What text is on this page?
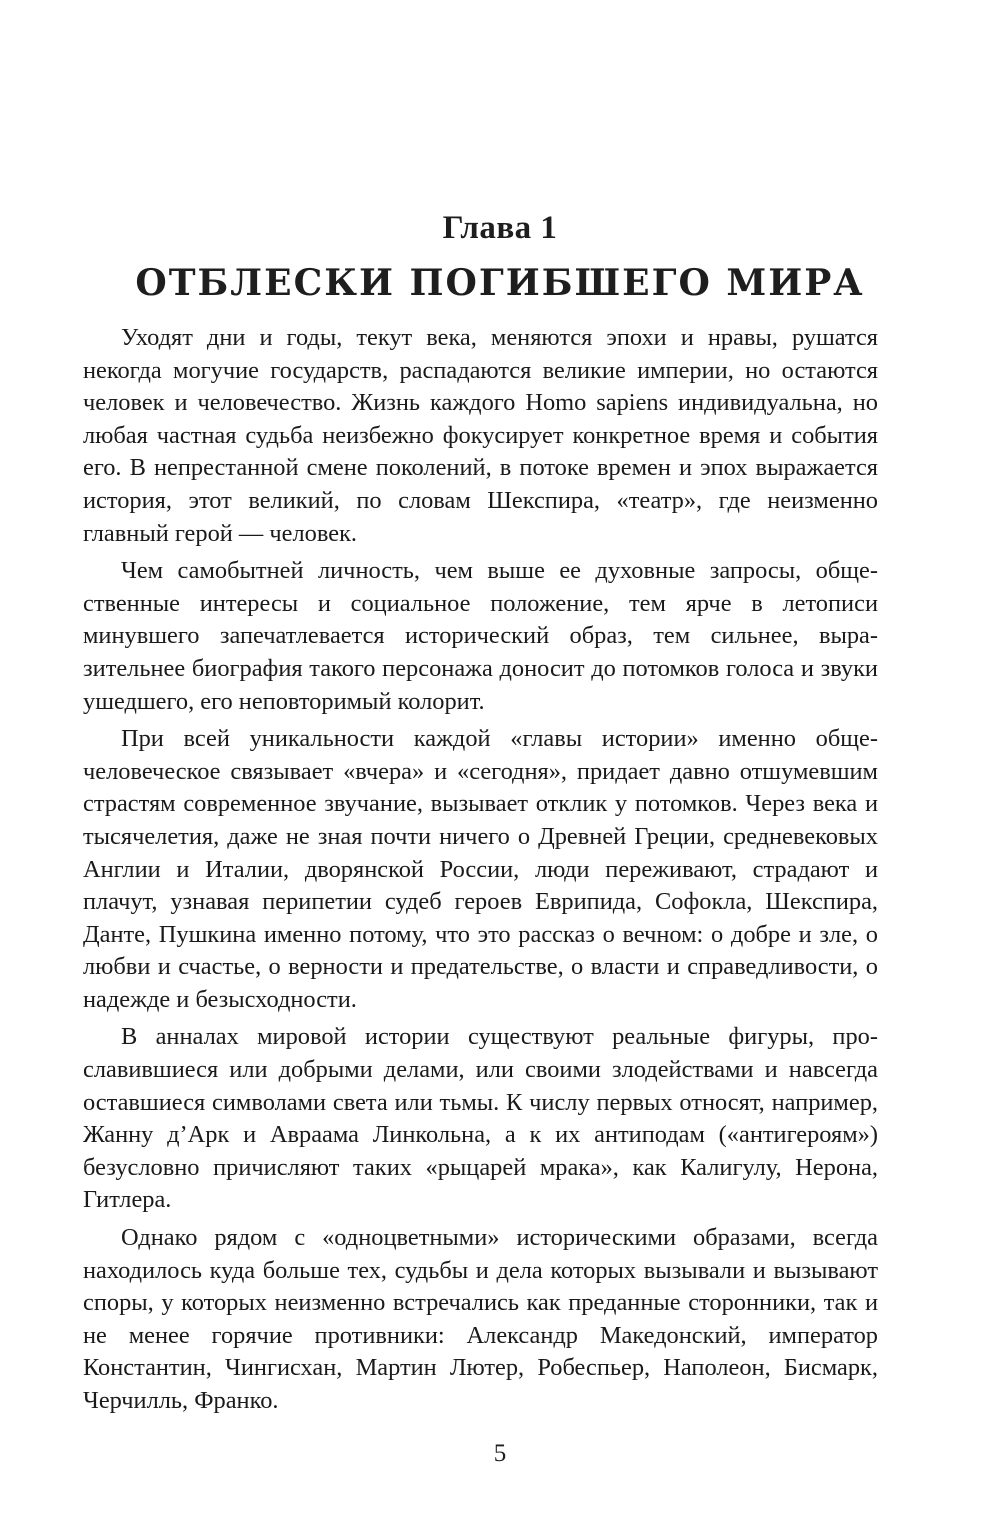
Глава 1
ОТБЛЕСКИ ПОГИБШЕГО МИРА

Уходят дни и годы, текут века, меняются эпохи и нравы, рушатся некогда могучие государств, распадаются великие империи, но остаются человек и человечество. Жизнь каждого Homo sapiens индивидуальна, но любая частная судьба неизбежно фокусирует конкретное время и события его. В непрестанной смене поколений, в потоке времен и эпох выражается история, этот великий, по словам Шекспира, «театр», где неизменно главный герой — человек.

Чем самобытней личность, чем выше ее духовные запросы, общественные интересы и социальное положение, тем ярче в летописи минувшего запечатлевается исторический образ, тем сильнее, выразительнее биография такого персонажа доносит до потомков голоса и звуки ушедшего, его неповторимый колорит.

При всей уникальности каждой «главы истории» именно общечеловеческое связывает «вчера» и «сегодня», придает давно отшумевшим страстям современное звучание, вызывает отклик у потомков. Через века и тысячелетия, даже не зная почти ничего о Древней Греции, средневековых Англии и Италии, дворянской России, люди переживают, страдают и плачут, узнавая перипетии судеб героев Еврипида, Софокла, Шекспира, Данте, Пушкина именно потому, что это рассказ о вечном: о добре и зле, о любви и счастье, о верности и предательстве, о власти и справедливости, о надежде и безысходности.

В анналах мировой истории существуют реальные фигуры, прославившиеся или добрыми делами, или своими злодействами и навсегда оставшиеся символами света или тьмы. К числу первых относят, например, Жанну д’Арк и Авраама Линкольна, а к их антиподам («антигероям») безусловно причисляют таких «рыцарей мрака», как Калигулу, Нерона, Гитлера.

Однако рядом с «одноцветными» историческими образами, всегда находилось куда больше тех, судьбы и дела которых вызывали и вызывают споры, у которых неизменно встречались как преданные сторонники, так и не менее горячие противники: Александр Македонский, император Константин, Чингисхан, Мартин Лютер, Робеспьер, Наполеон, Бисмарк, Черчилль, Франко.

5
